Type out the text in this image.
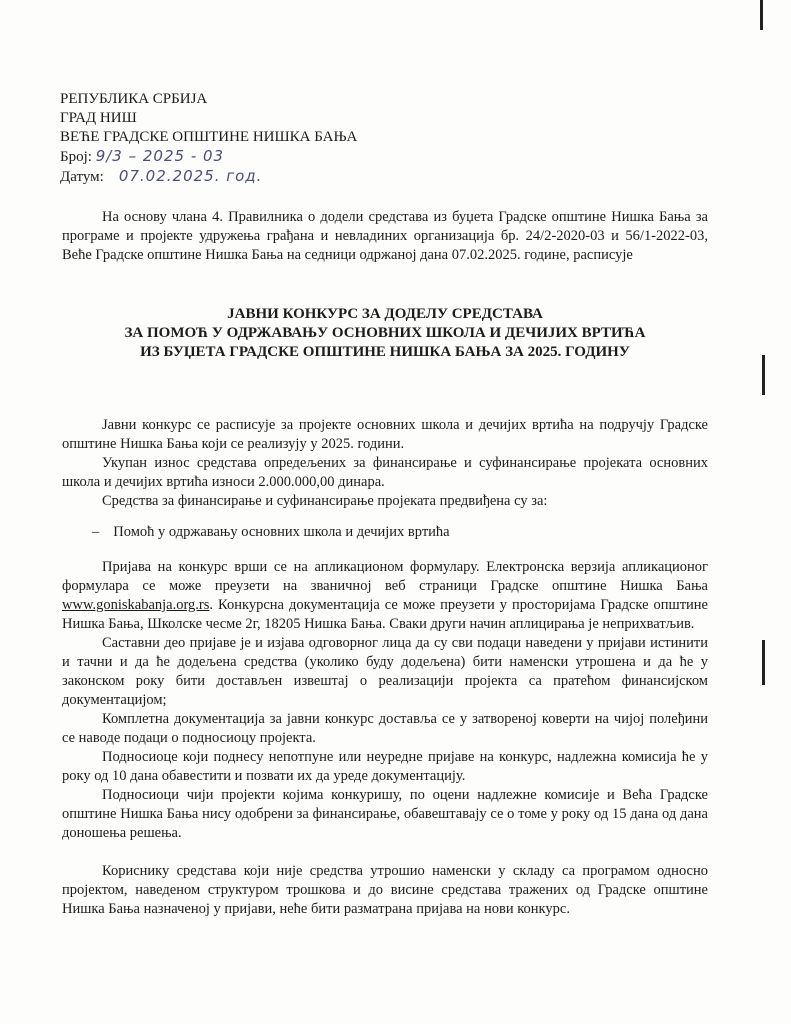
РЕПУБЛИКА СРБИЈА
ГРАД НИШ
ВЕЋЕ ГРАДСКЕ ОПШТИНЕ НИШКА БАЊА
Број: 9/3 – 2025 - 03
Датум: 07.02.2025. год.

На основу члана 4. Правилника о додели средстава из буџета Градске општине Нишка Бања за програме и пројекте удружења грађана и невладиних организација бр. 24/2-2020-03 и 56/1-2022-03, Веће Градске општине Нишка Бања на седници одржаној дана 07.02.2025. године, расписује

ЈАВНИ КОНКУРС ЗА ДОДЕЛУ СРЕДСТАВА
ЗА ПОМОЋ У ОДРЖАВАЊУ ОСНОВНИХ ШКОЛА И ДЕЧИЈИХ ВРТИЋА
ИЗ БУЏЕТА ГРАДСКЕ ОПШТИНЕ НИШКА БАЊА ЗА 2025. ГОДИНУ

Јавни конкурс се расписује за пројекте основних школа и дечијих вртића на подручју Градске општине Нишка Бања који се реализују у 2025. години.

Укупан износ средстава опредељених за финансирање и суфинансирање пројеката основних школа и дечијих вртића износи 2.000.000,00 динара.

Средства за финансирање и суфинансирање пројеката предвиђена су за:

– Помоћ у одржавању основних школа и дечијих вртића

Пријава на конкурс врши се на апликационом формулару. Електронска верзија апликационог формулара се може преузети на званичној веб страници Градске општине Нишка Бања www.goniskabanja.org.rs. Конкурсна документација се може преузети у просторијама Градске општине Нишка Бања, Школске чесме 2г, 18205 Нишка Бања. Сваки други начин аплицирања је неприхватљив.

Саставни део пријаве је и изјава одговорног лица да су сви подаци наведени у пријави истинити и тачни и да ће додељена средства (уколико буду додељена) бити наменски утрошена и да ће у законском року бити достављен извештај о реализацији пројекта са пратећом финансијском документацијом;

Комплетна документација за јавни конкурс доставља се у затвореној коверти на чијој полеђини се наводе подаци о подносиоцу пројекта.

Подносиоце који поднесу непотпуне или неуредне пријаве на конкурс, надлежна комисија ће у року од 10 дана обавестити и позвати их да уреде документацију.

Подносиоци чији пројекти којима конкуришу, по оцени надлежне комисије и Већа Градске општине Нишка Бања нису одобрени за финансирање, обавештавају се о томе у року од 15 дана од дана доношења решења.

Кориснику средстава који није средства утрошио наменски у складу са програмом односно пројектом, наведеном структуром трошкова и до висине средстава тражених од Градске општине Нишка Бања назначеној у пријави, неће бити разматрана пријава на нови конкурс.
